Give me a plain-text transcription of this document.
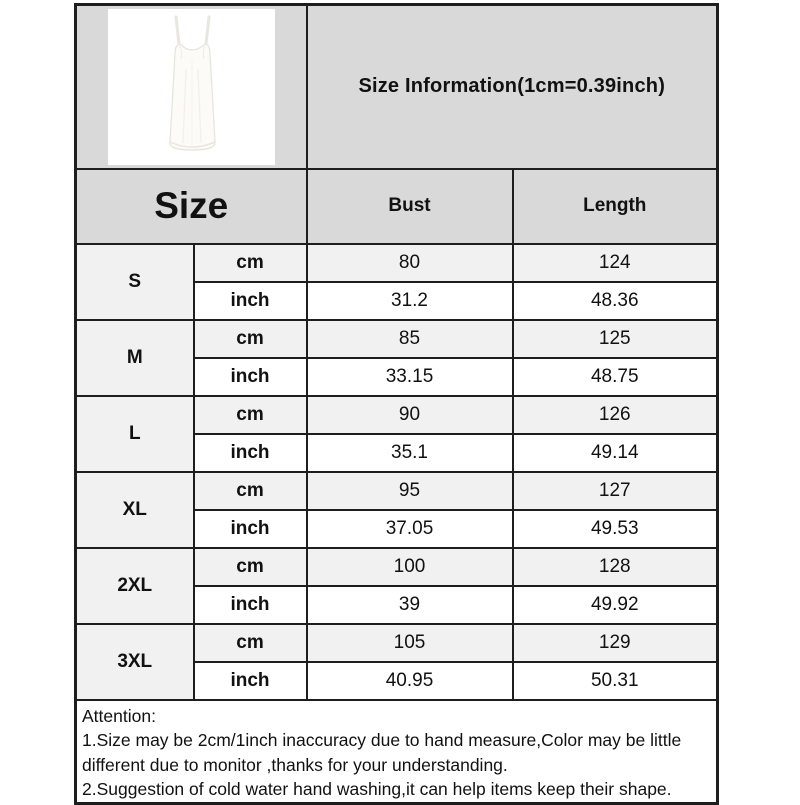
	Size Information(1cm=0.39inch)	
Size		Bust	Length
S	cm	80	124
	inch	31.2	48.36
M	cm	85	125
	inch	33.15	48.75
L	cm	90	126
	inch	35.1	49.14
XL	cm	95	127
	inch	37.05	49.53
2XL	cm	100	128
	inch	39	49.92
3XL	cm	105	129
	inch	40.95	50.31

Attention:
1.Size may be 2cm/1inch inaccuracy due to hand measure,Color may be little different due to monitor ,thanks for your understanding.
2.Suggestion of cold water hand washing,it can help items keep their shape.			
